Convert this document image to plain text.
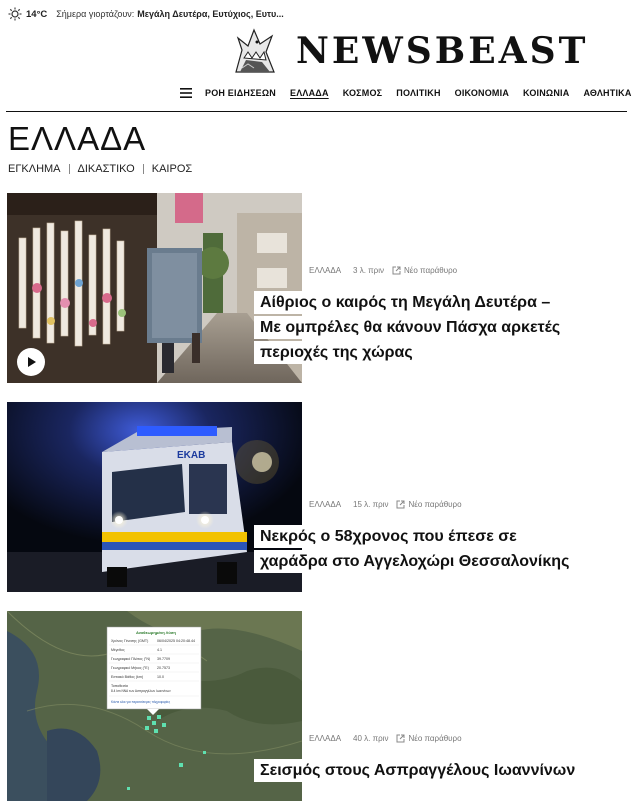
14°C Σήμερα γιορτάζουν: Μεγάλη Δευτέρα, Ευτύχιος, Ευτυ...
NEWSBEAST
ΡΟΗ ΕΙΔΗΣΕΩΝ ΕΛΛΑΔΑ ΚΟΣΜΟΣ ΠΟΛΙΤΙΚΗ ΟΙΚΟΝΟΜΙΑ ΚΟΙΝΩΝΙΑ ΑΘΛΗΤΙΚΑ
ΕΛΛΑΔΑ
ΕΓΚΛΗΜΑ ΔΙΚΑΣΤΙΚΟ ΚΑΙΡΟΣ
ΕΛΛΑΔΑ 3 λ. πριν	Νέο παράθυρο
Αίθριος ο καιρός τη Μεγάλη Δευτέρα –
Με ομπρέλες θα κάνουν Πάσχα αρκετές
περιοχές της χώρας
ΕΚΑΒ
ΕΛΛΑΔΑ 15 λ. πριν	Νέο παράθυρο
Νεκρός ο 58χρονος που έπεσε σε
χαράδρα στο Αγγελοχώρι Θεσσαλονίκης
Αναθεωρημένη Λύση
Χρόνος Γένεσης (GMT) 06/04/2025 04:20:48.44
Μέγεθος	4.1
Γεωγραφικό Πλάτος (°N) 39.7709
Γεωγραφικό Μήκος (°E) 20.7573
Εστιακό Βάθος (km)	10.0
Τοποθεσία
8.4 km NNA των Ασπραγγέλων Ιωαννίνων
Κάντε κλικ για περισσότερες πληροφορίες
ΕΛΛΑΔΑ 40 λ. πριν	Νέο παράθυρο
Σεισμός στους Ασπραγγέλους Ιωαννίνων
